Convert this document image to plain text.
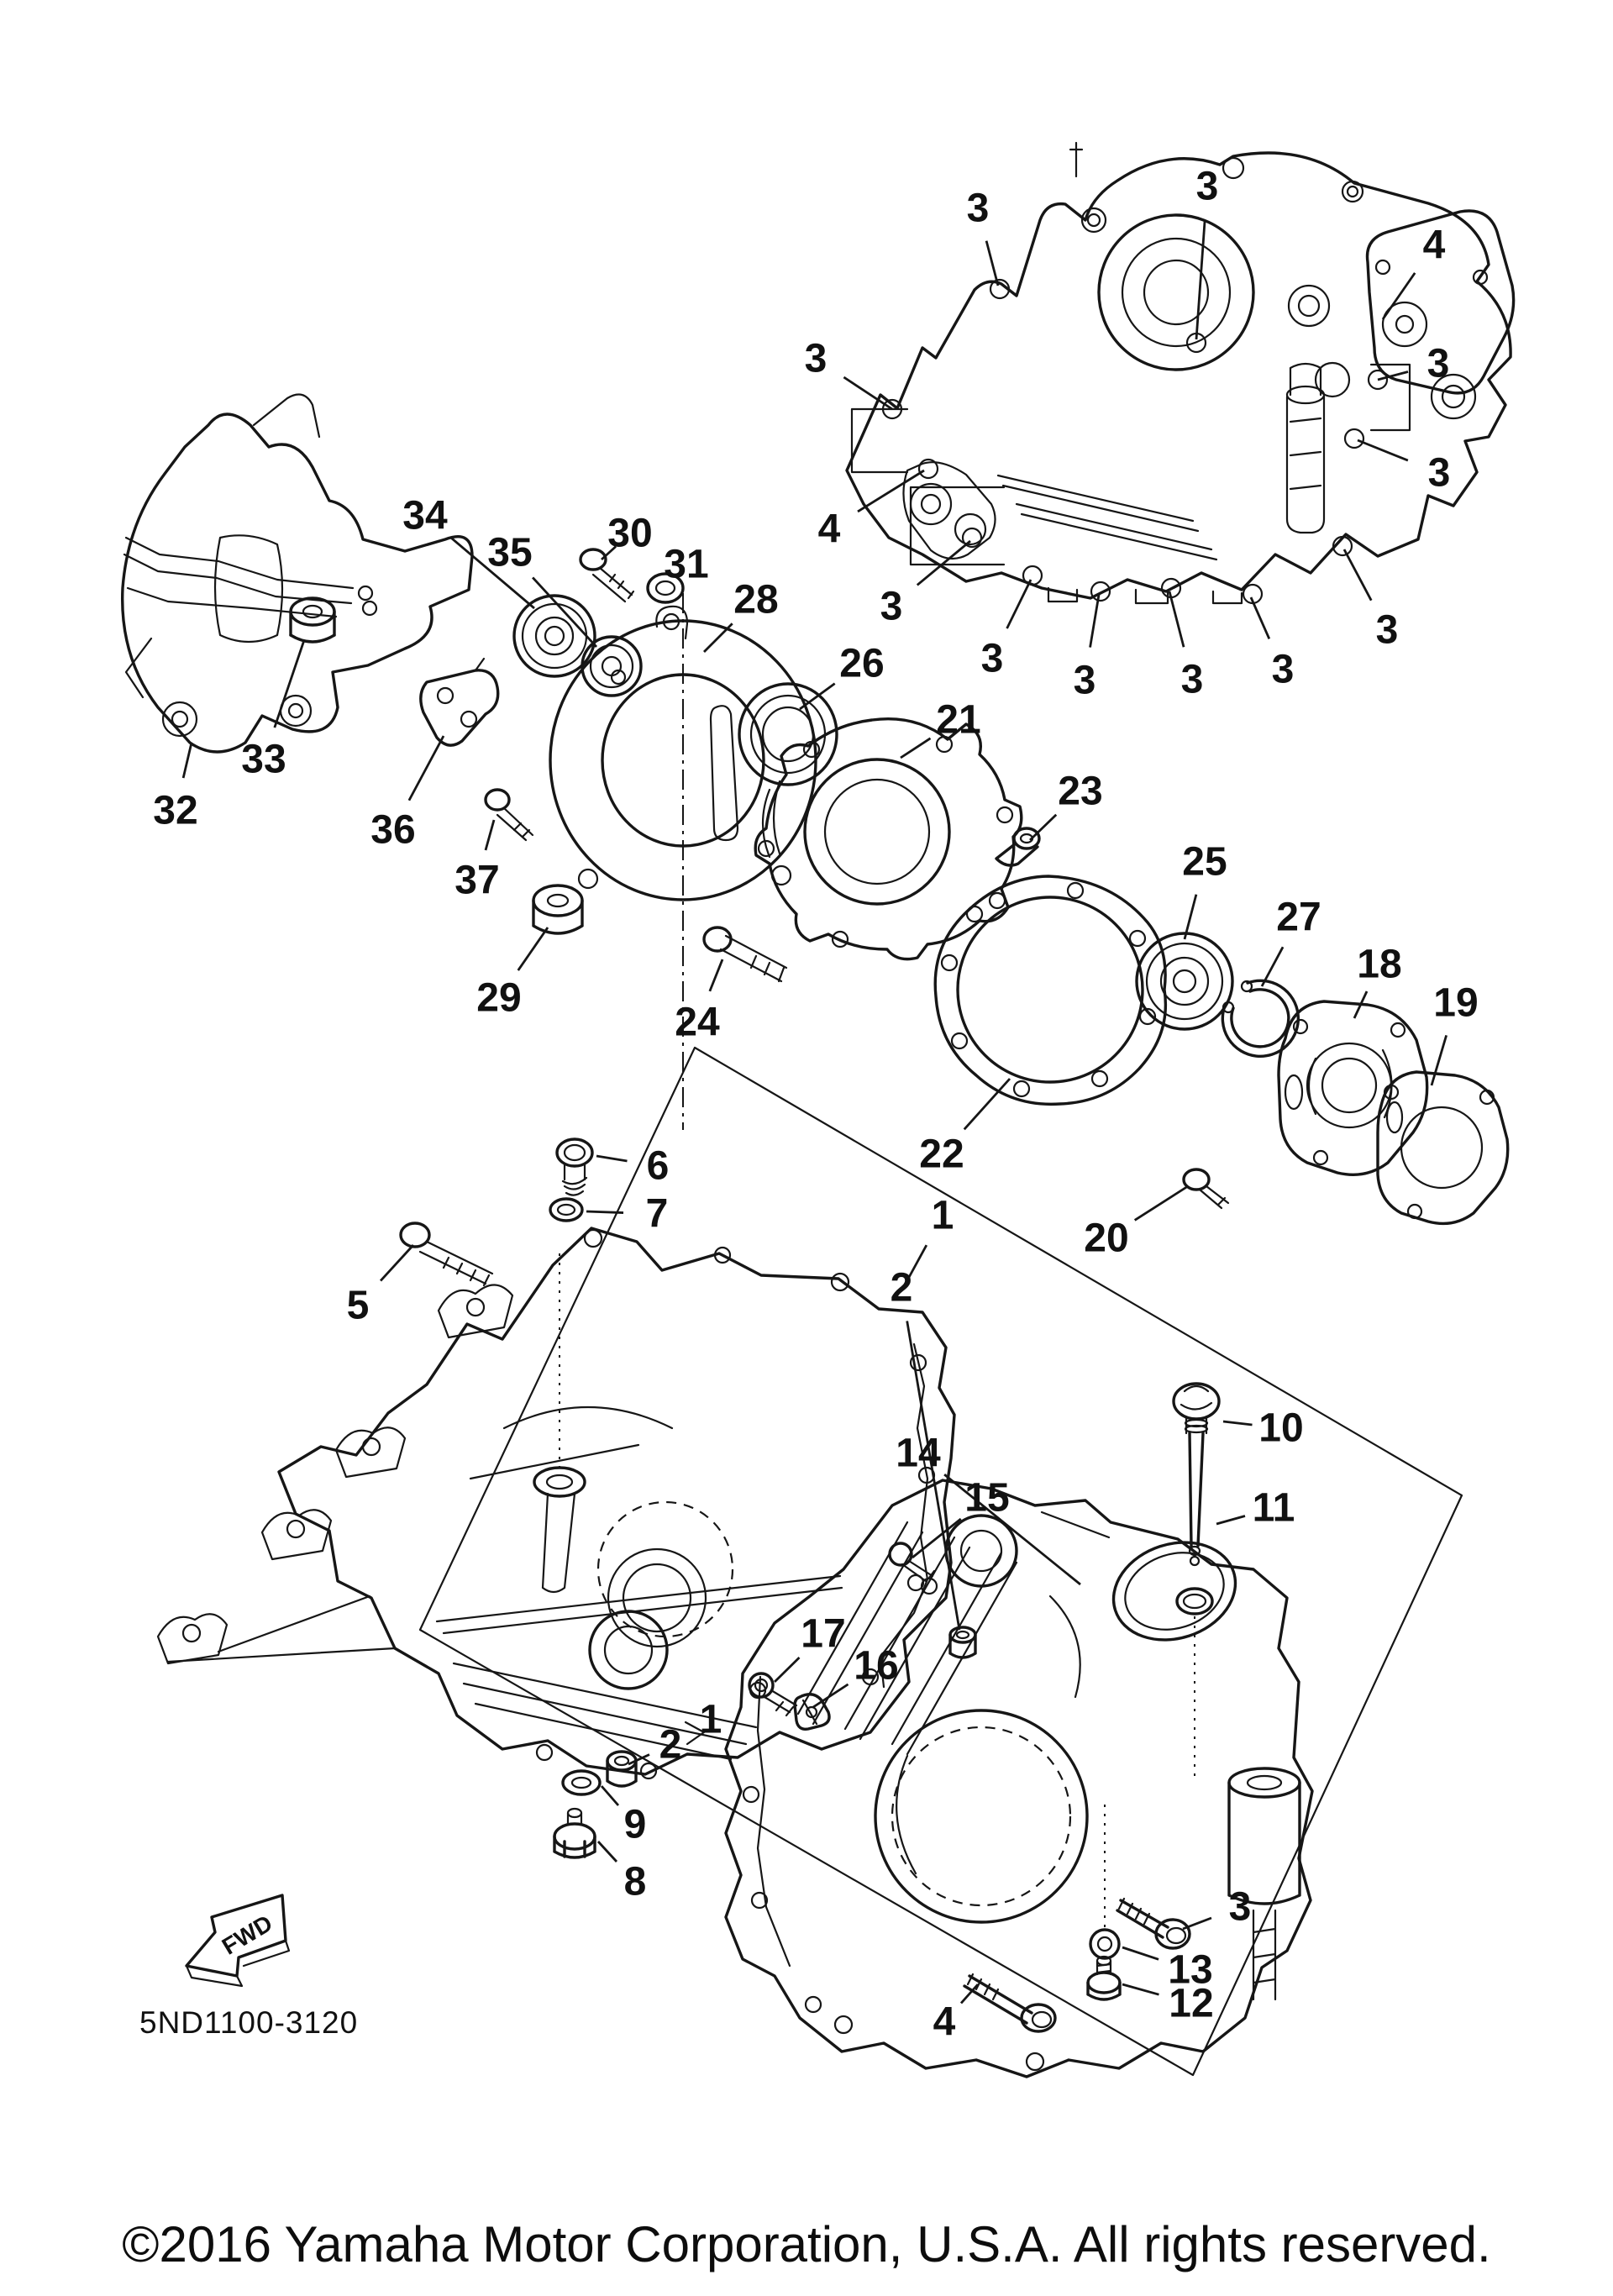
FWD
5ND1100-3120
©2016 Yamaha Motor Corporation, U.S.A. All rights reserved.
3
4
3	3
4
3
3
3
3 3 3 3
3
34
35 30
31
28
26
21
23
25
27
18
19
22
20
29
24
37
36
33
32
6
7
5
1
2
14
15
10
11
17
16
1
2
9
8
3
13
12
4
